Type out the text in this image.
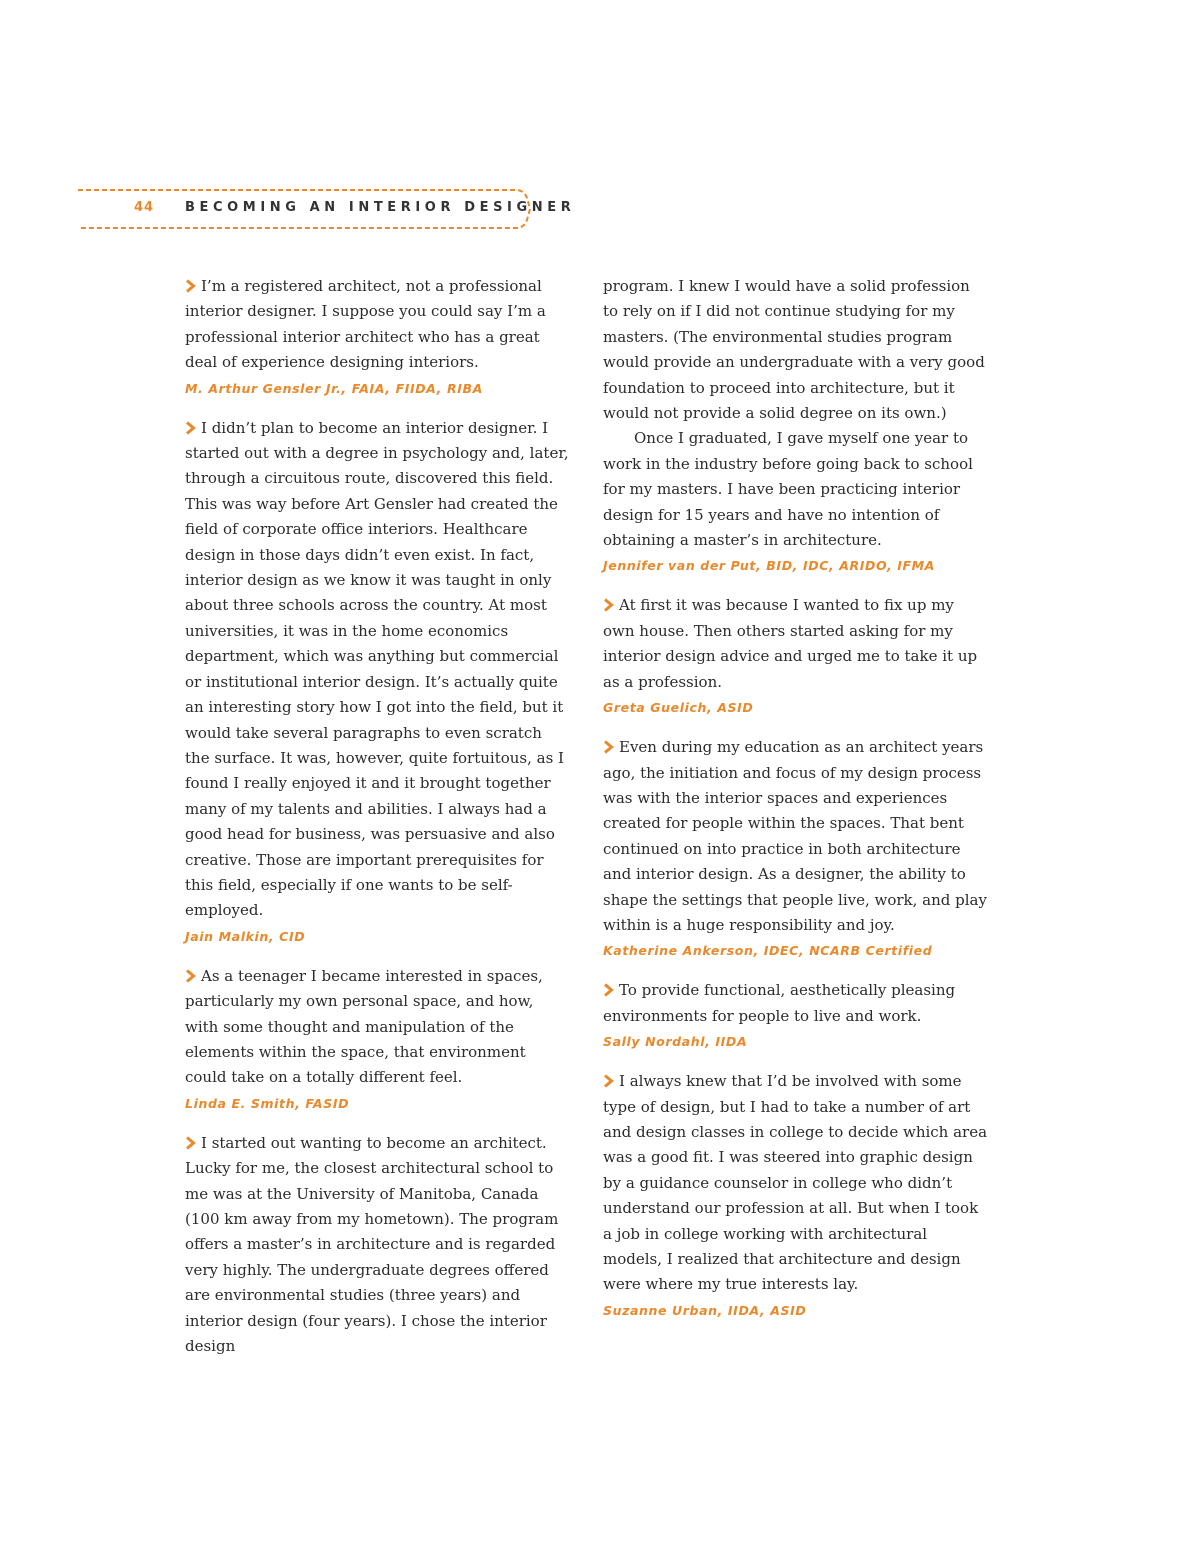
44 BECOMING AN INTERIOR DESIGNER

I’m a registered architect, not a professional interior designer. I suppose you could say I’m a professional interior architect who has a great deal of experience designing interiors.

M. Arthur Gensler Jr., FAIA, FIIDA, RIBA

I didn’t plan to become an interior designer. I started out with a degree in psychology and, later, through a circuitous route, discovered this field. This was way before Art Gensler had created the field of corporate office interiors. Healthcare design in those days didn’t even exist. In fact, interior design as we know it was taught in only about three schools across the country. At most universities, it was in the home economics department, which was anything but commercial or institutional interior design. It’s actually quite an interesting story how I got into the field, but it would take several paragraphs to even scratch the surface. It was, however, quite fortuitous, as I found I really enjoyed it and it brought together many of my talents and abilities. I always had a good head for business, was persuasive and also creative. Those are important prerequisites for this field, especially if one wants to be self-employed.

Jain Malkin, CID

As a teenager I became interested in spaces, particularly my own personal space, and how, with some thought and manipulation of the elements within the space, that environment could take on a totally different feel.

Linda E. Smith, FASID

I started out wanting to become an architect. Lucky for me, the closest architectural school to me was at the University of Manitoba, Canada (100 km away from my hometown). The program offers a master’s in architecture and is regarded very highly. The undergraduate degrees offered are environmental studies (three years) and interior design (four years). I chose the interior design

program. I knew I would have a solid profession to rely on if I did not continue studying for my masters. (The environmental studies program would provide an undergraduate with a very good foundation to proceed into architecture, but it would not provide a solid degree on its own.)

Once I graduated, I gave myself one year to work in the industry before going back to school for my masters. I have been practicing interior design for 15 years and have no intention of obtaining a master’s in architecture.

Jennifer van der Put, BID, IDC, ARIDO, IFMA

At first it was because I wanted to fix up my own house. Then others started asking for my interior design advice and urged me to take it up as a profession.

Greta Guelich, ASID

Even during my education as an architect years ago, the initiation and focus of my design process was with the interior spaces and experiences created for people within the spaces. That bent continued on into practice in both architecture and interior design. As a designer, the ability to shape the settings that people live, work, and play within is a huge responsibility and joy.

Katherine Ankerson, IDEC, NCARB Certified

To provide functional, aesthetically pleasing environments for people to live and work.

Sally Nordahl, IIDA

I always knew that I’d be involved with some type of design, but I had to take a number of art and design classes in college to decide which area was a good fit. I was steered into graphic design by a guidance counselor in college who didn’t understand our profession at all. But when I took a job in college working with architectural models, I realized that architecture and design were where my true interests lay.

Suzanne Urban, IIDA, ASID
